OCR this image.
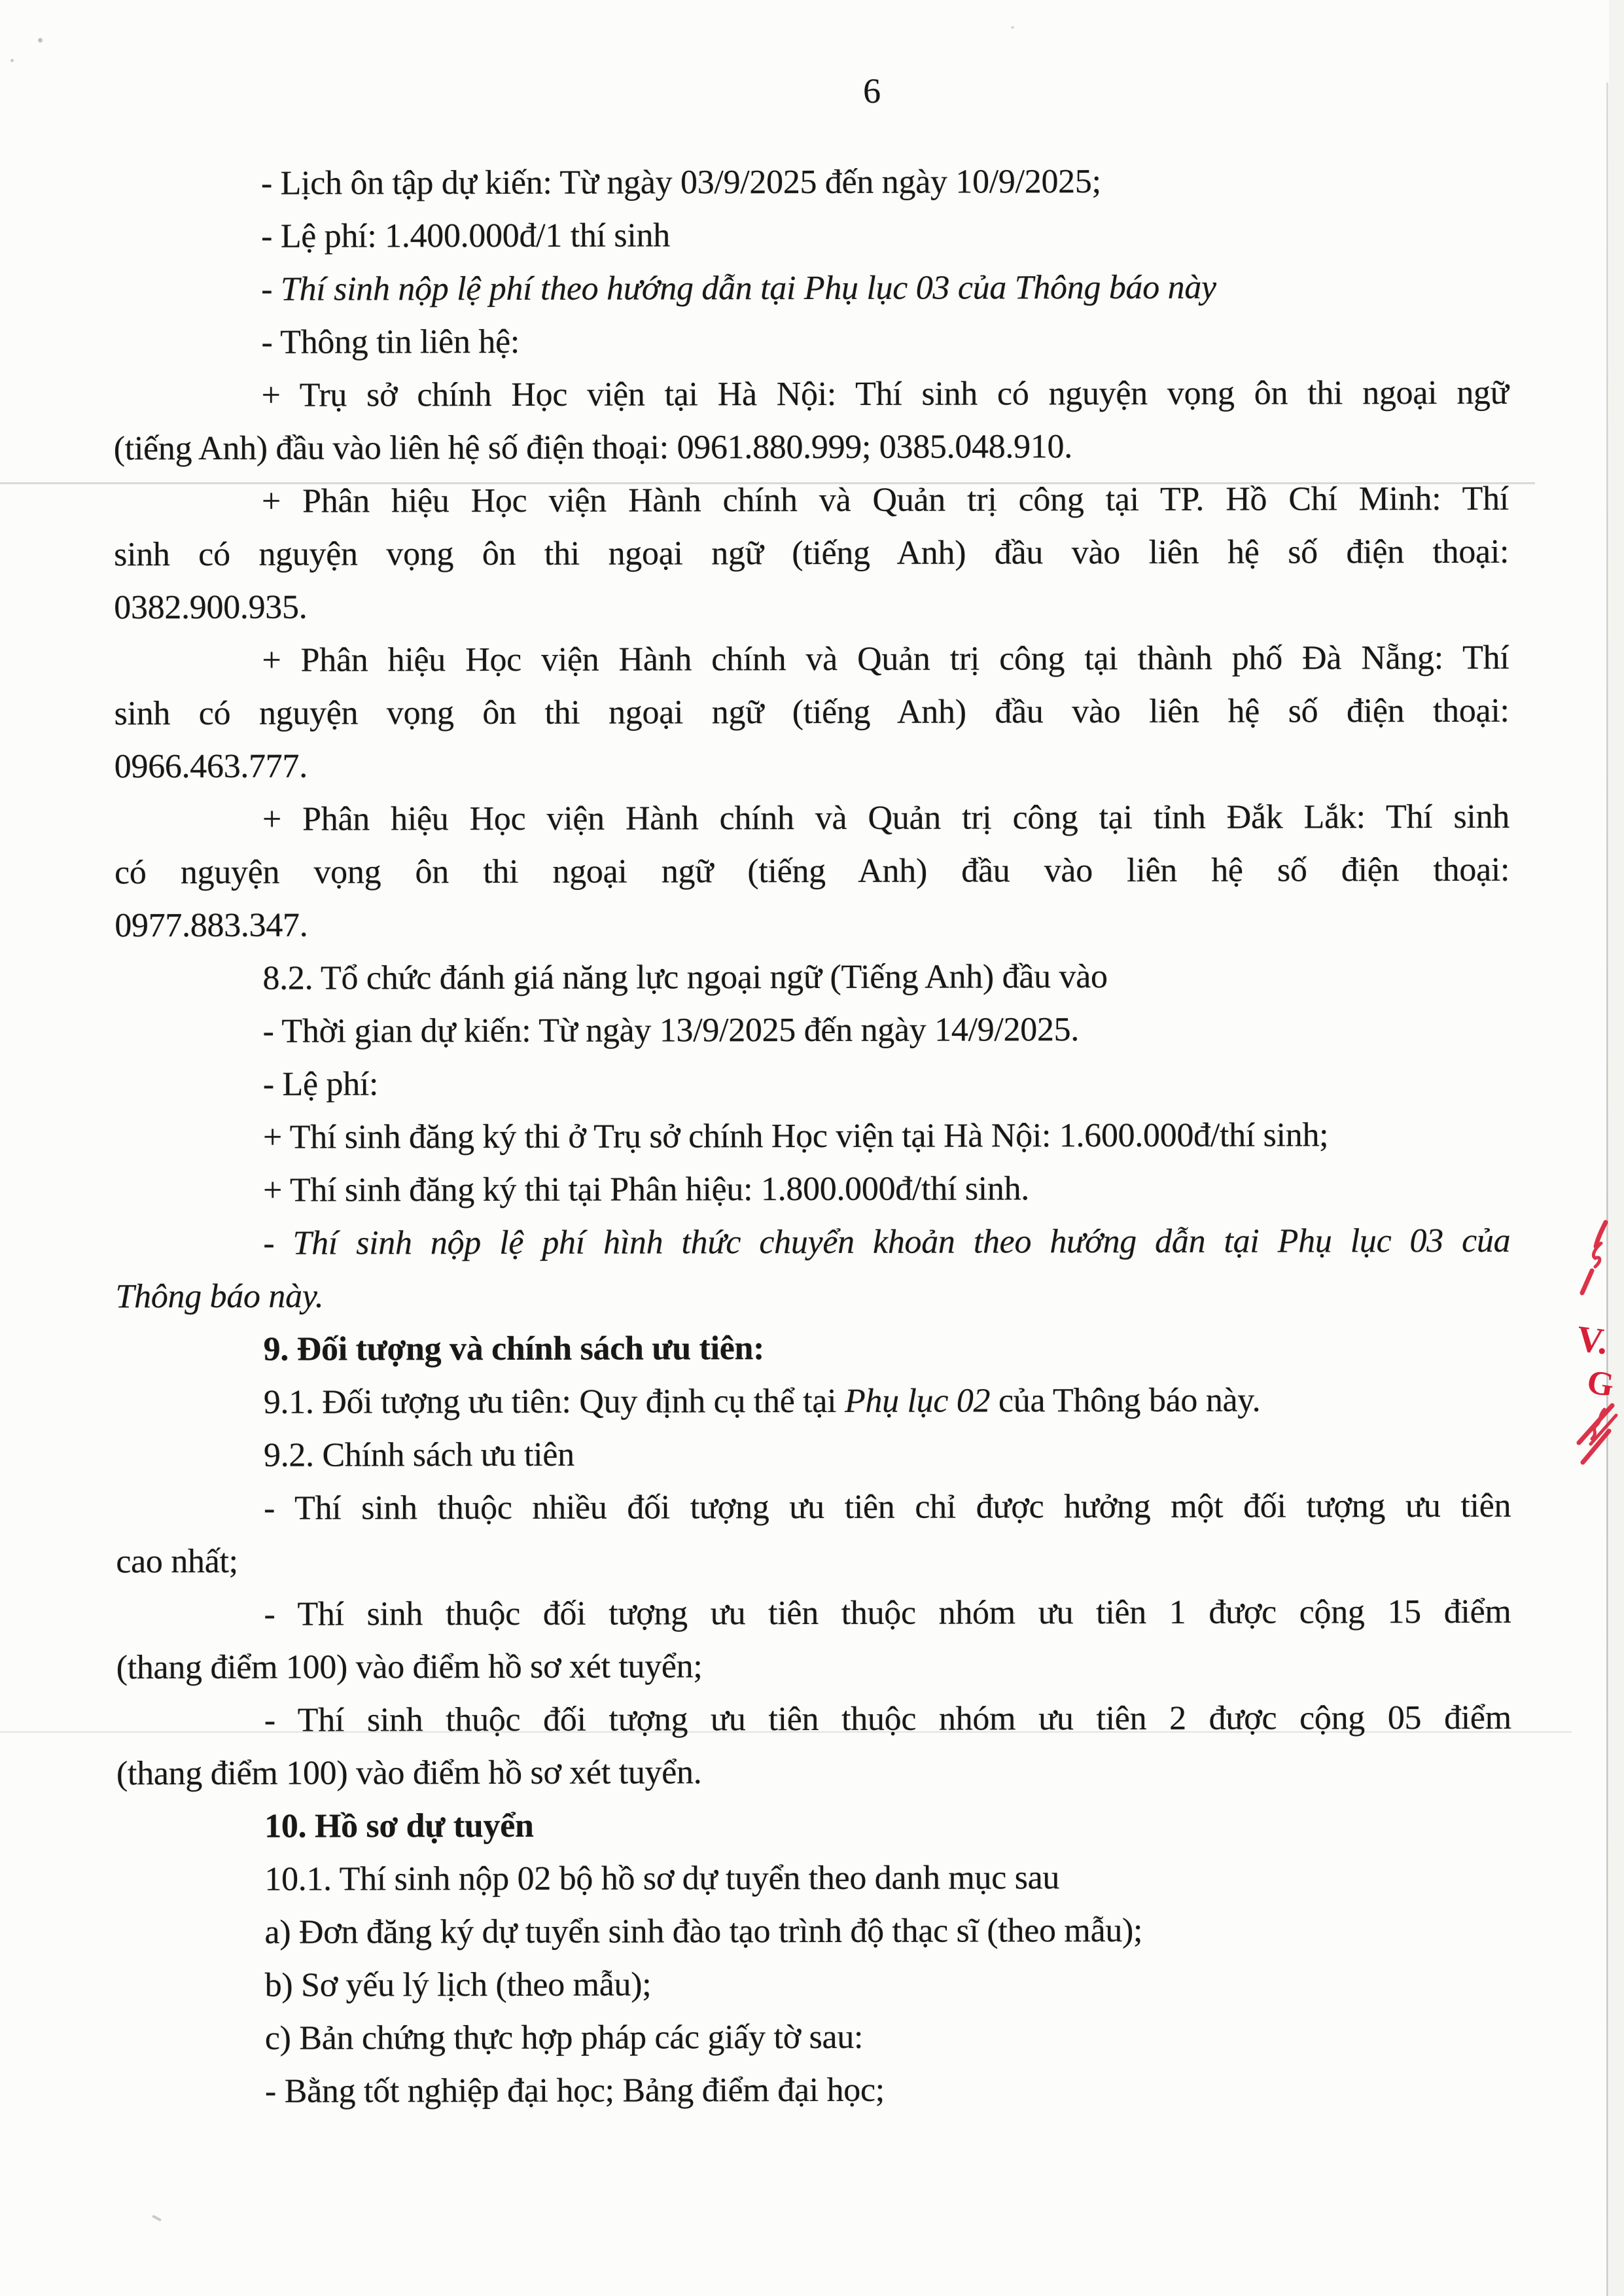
6
- Lịch ôn tập dự kiến: Từ ngày 03/9/2025 đến ngày 10/9/2025;
- Lệ phí: 1.400.000đ/1 thí sinh
- Thí sinh nộp lệ phí theo hướng dẫn tại Phụ lục 03 của Thông báo này
- Thông tin liên hệ:
+ Trụ sở chính Học viện tại Hà Nội: Thí sinh có nguyện vọng ôn thi ngoại ngữ
(tiếng Anh) đầu vào liên hệ số điện thoại: 0961.880.999; 0385.048.910.
+ Phân hiệu Học viện Hành chính và Quản trị công tại TP. Hồ Chí Minh: Thí
sinh có nguyện vọng ôn thi ngoại ngữ (tiếng Anh) đầu vào liên hệ số điện thoại:
0382.900.935.
+ Phân hiệu Học viện Hành chính và Quản trị công tại thành phố Đà Nẵng: Thí
sinh có nguyện vọng ôn thi ngoại ngữ (tiếng Anh) đầu vào liên hệ số điện thoại:
0966.463.777.
+ Phân hiệu Học viện Hành chính và Quản trị công tại tỉnh Đắk Lắk: Thí sinh
có nguyện vọng ôn thi ngoại ngữ (tiếng Anh) đầu vào liên hệ số điện thoại:
0977.883.347.
8.2. Tổ chức đánh giá năng lực ngoại ngữ (Tiếng Anh) đầu vào
- Thời gian dự kiến: Từ ngày 13/9/2025 đến ngày 14/9/2025.
- Lệ phí:
+ Thí sinh đăng ký thi ở Trụ sở chính Học viện tại Hà Nội: 1.600.000đ/thí sinh;
+ Thí sinh đăng ký thi tại Phân hiệu: 1.800.000đ/thí sinh.
- Thí sinh nộp lệ phí hình thức chuyển khoản theo hướng dẫn tại Phụ lục 03 của
Thông báo này.
9. Đối tượng và chính sách ưu tiên:
9.1. Đối tượng ưu tiên: Quy định cụ thể tại Phụ lục 02 của Thông báo này.
9.2. Chính sách ưu tiên
- Thí sinh thuộc nhiều đối tượng ưu tiên chỉ được hưởng một đối tượng ưu tiên
cao nhất;
- Thí sinh thuộc đối tượng ưu tiên thuộc nhóm ưu tiên 1 được cộng 15 điểm
(thang điểm 100) vào điểm hồ sơ xét tuyển;
- Thí sinh thuộc đối tượng ưu tiên thuộc nhóm ưu tiên 2 được cộng 05 điểm
(thang điểm 100) vào điểm hồ sơ xét tuyển.
10. Hồ sơ dự tuyển
10.1. Thí sinh nộp 02 bộ hồ sơ dự tuyển theo danh mục sau
a) Đơn đăng ký dự tuyển sinh đào tạo trình độ thạc sĩ (theo mẫu);
b) Sơ yếu lý lịch (theo mẫu);
c) Bản chứng thực hợp pháp các giấy tờ sau:
- Bằng tốt nghiệp đại học; Bảng điểm đại học;
V.
G
